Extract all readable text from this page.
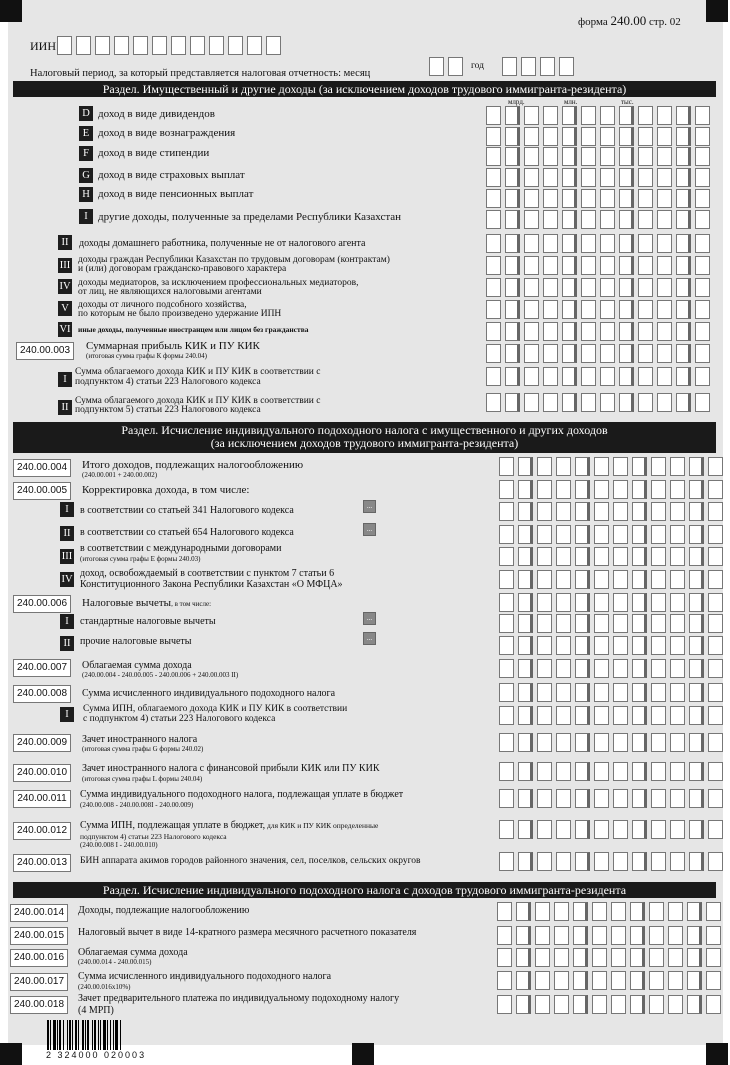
форма 240.00 стр. 02
ИИН
Налоговый период, за который представляется налоговая отчетность: месяц
год
Раздел. Имущественный и другие доходы (за исключением доходов трудового иммигранта-резидента)
млрд.	млн.	тыс.
D доход в виде дивидендов
E доход в виде вознаграждения
F доход в виде стипендии
G доход в виде страховых выплат
H доход в виде пенсионных выплат
I другие доходы, полученные за пределами Республики Казахстан
II	доходы домашнего работника, полученные не от налогового агента
III доходы граждан Республики Казахстан по трудовым договорам (контрактам)
и (или) договорам гражданско-правового характера
IV доходы медиаторов, за исключением профессиональных медиаторов,
от лиц, не являющихся налоговыми агентами
V доходы от личного подсобного хозяйства,
по которым не было произведено удержание ИПН
VI иные доходы, полученные иностранцем или лицом без гражданства
240.00.003	Суммарная прибыль КИК и ПУ КИК
(итоговая сумма графы К формы 240.04)
I
Сумма облагаемого дохода КИК и ПУ КИК в соответствии с
подпунктом 4) статьи 223 Налогового кодекса
II
Сумма облагаемого дохода КИК и ПУ КИК в соответствии с
подпунктом 5) статьи 223 Налогового кодекса
Раздел. Исчисление индивидуального подоходного налога с имущественного и других доходов
(за исключением доходов трудового иммигранта-резидента)
240.00.004	Итого доходов, подлежащих налогообложению
(240.00.001 + 240.00.002)
240.00.005	Корректировка дохода, в том числе:
I	в соответствии со статьей 341 Налогового кодекса	...
II в соответствии со статьей 654 Налогового кодекса	...
III
в соответствии с международными договорами
(итоговая сумма графы Е формы 240.03)
IV
доход, освобождаемый в соответствии с пунктом 7 статьи 6
Конституционного Закона Республики Казахстан «О МФЦА»
240.00.006	Налоговые вычеты, в том числе:
I	стандартные налоговые вычеты	...
II прочие налоговые вычеты	...
240.00.007	Облагаемая сумма дохода
(240.00.004 - 240.00.005 - 240.00.006 + 240.00.003 II)
240.00.008	Сумма исчисленного индивидуального подоходного налога
I	Сумма ИПН, облагаемого дохода КИК и ПУ КИК в соответствии
с подпунктом 4) статьи 223 Налогового кодекса
240.00.009	Зачет иностранного налога
(итоговая сумма графы G формы 240.02)
240.00.010	Зачет иностранного налога с финансовой прибыли КИК или ПУ КИК
(итоговая сумма графы L формы 240.04)
240.00.011	Сумма индивидуального подоходного налога, подлежащая уплате в бюджет
(240.00.008 - 240.00.008I - 240.00.009)
240.00.012	Сумма ИПН, подлежащая уплате в бюджет, для КИК и ПУ КИК определенные
подпунктом 4) статьи 223 Налогового кодекса
(240.00.008 I - 240.00.010)
240.00.013	БИН аппарата акимов городов районного значения, сел, поселков, сельских округов
Раздел. Исчисление индивидуального подоходного налога с доходов трудового иммигранта-резидента
240.00.014	Доходы, подлежащие налогообложению
240.00.015	Налоговый вычет в виде 14-кратного размера месячного расчетного показателя
240.00.016	Облагаемая сумма дохода
(240.00.014 - 240.00.015)
240.00.017	Сумма исчисленного индивидуального подоходного налога
(240.00.016х10%)
240.00.018
Зачет предварительного платежа по индивидуальному подоходному налогу
(4 МРП)
2 324000 020003
